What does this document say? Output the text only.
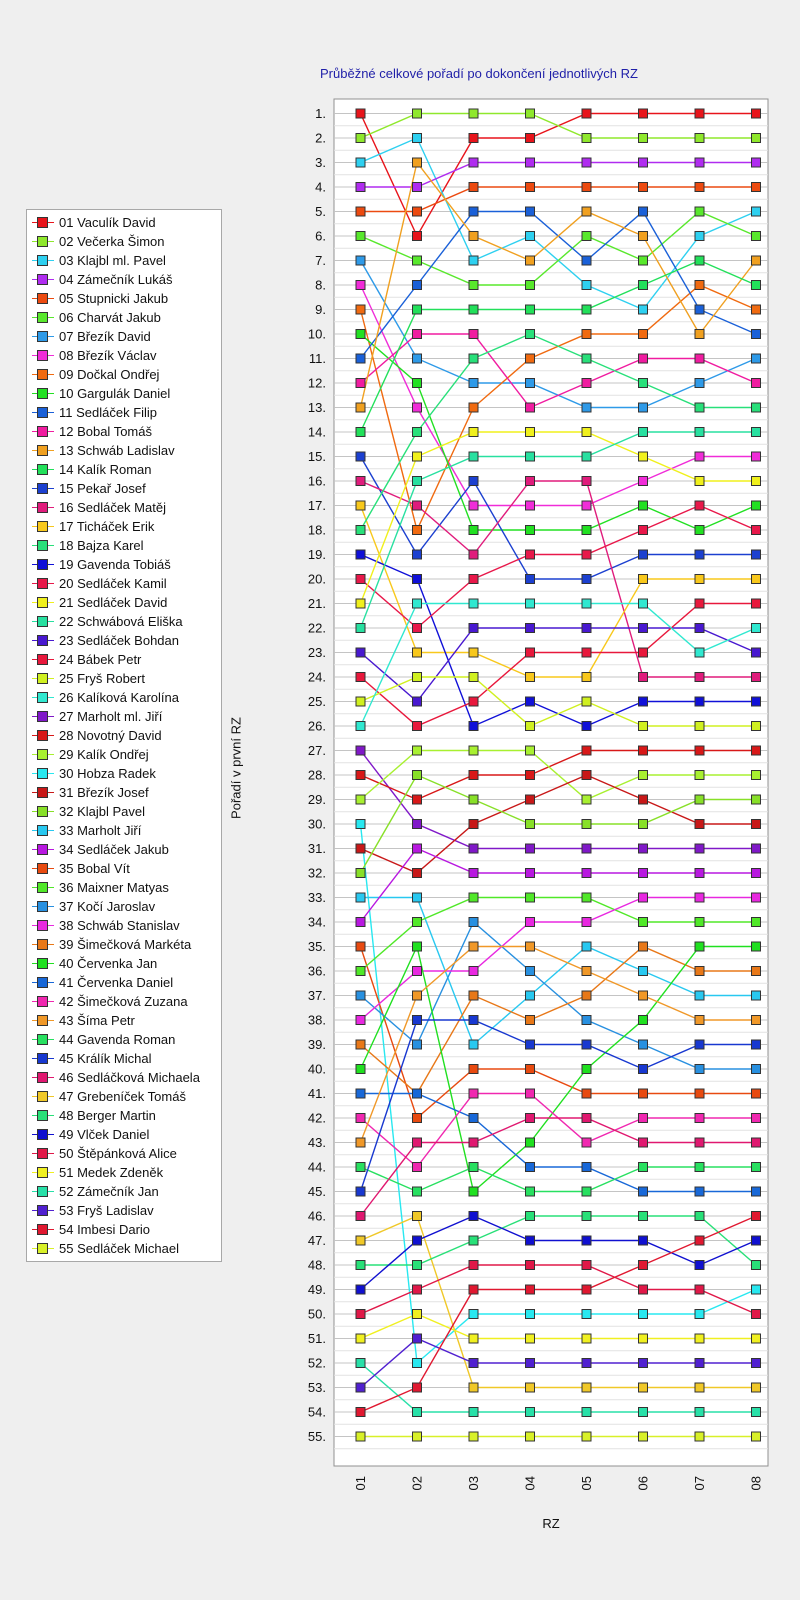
Průběžné celkové pořadí po dokončení jednotlivých RZ
01 Vaculík David
02 Večerka Šimon
03 Klajbl ml. Pavel
04 Zámečník Lukáš
05 Stupnicki Jakub
06 Charvát Jakub
07 Březík David
08 Březík Václav
09 Dočkal Ondřej
10 Gargulák Daniel
11 Sedláček Filip
12 Bobal Tomáš
13 Schwáb Ladislav
14 Kalík Roman
15 Pekař Josef
16 Sedláček Matěj
17 Ticháček Erik
18 Bajza Karel
19 Gavenda Tobiáš
20 Sedláček Kamil
21 Sedláček David
22 Schwábová Eliška
23 Sedláček Bohdan
24 Bábek Petr
25 Fryš Robert
26 Kalíková Karolína
27 Marholt ml. Jiří
28 Novotný David
29 Kalík Ondřej
30 Hobza Radek
31 Březík Josef
32 Klajbl Pavel
33 Marholt Jiří
34 Sedláček Jakub
35 Bobal Vít
36 Maixner Matyas
37 Kočí Jaroslav
38 Schwáb Stanislav
39 Šimečková Markéta
40 Červenka Jan
41 Červenka Daniel
42 Šimečková Zuzana
43 Šíma Petr
44 Gavenda Roman
45 Králík Michal
46 Sedláčková Michaela
47 Grebeníček Tomáš
48 Berger Martin
49 Vlček Daniel
50 Štěpánková Alice
51 Medek Zdeněk
52 Zámečník Jan
53 Fryš Ladislav
54 Imbesi Dario
55 Sedláček Michael
Pořadí v první RZ
1.
2.
3.
4.
5.
6.
7.
8.
9.
10.
11.
12.
13.
14.
15.
16.
17.
18.
19.
20.
21.
22.
23.
24.
25.
26.
27.
28.
29.
30.
31.
32.
33.
34.
35.
36.
37.
38.
39.
40.
41.
42.
43.
44.
45.
46.
47.
48.
49.
50.
51.
52.
53.
54.
55.
01	02	03	04	05	06	07	08
RZ
